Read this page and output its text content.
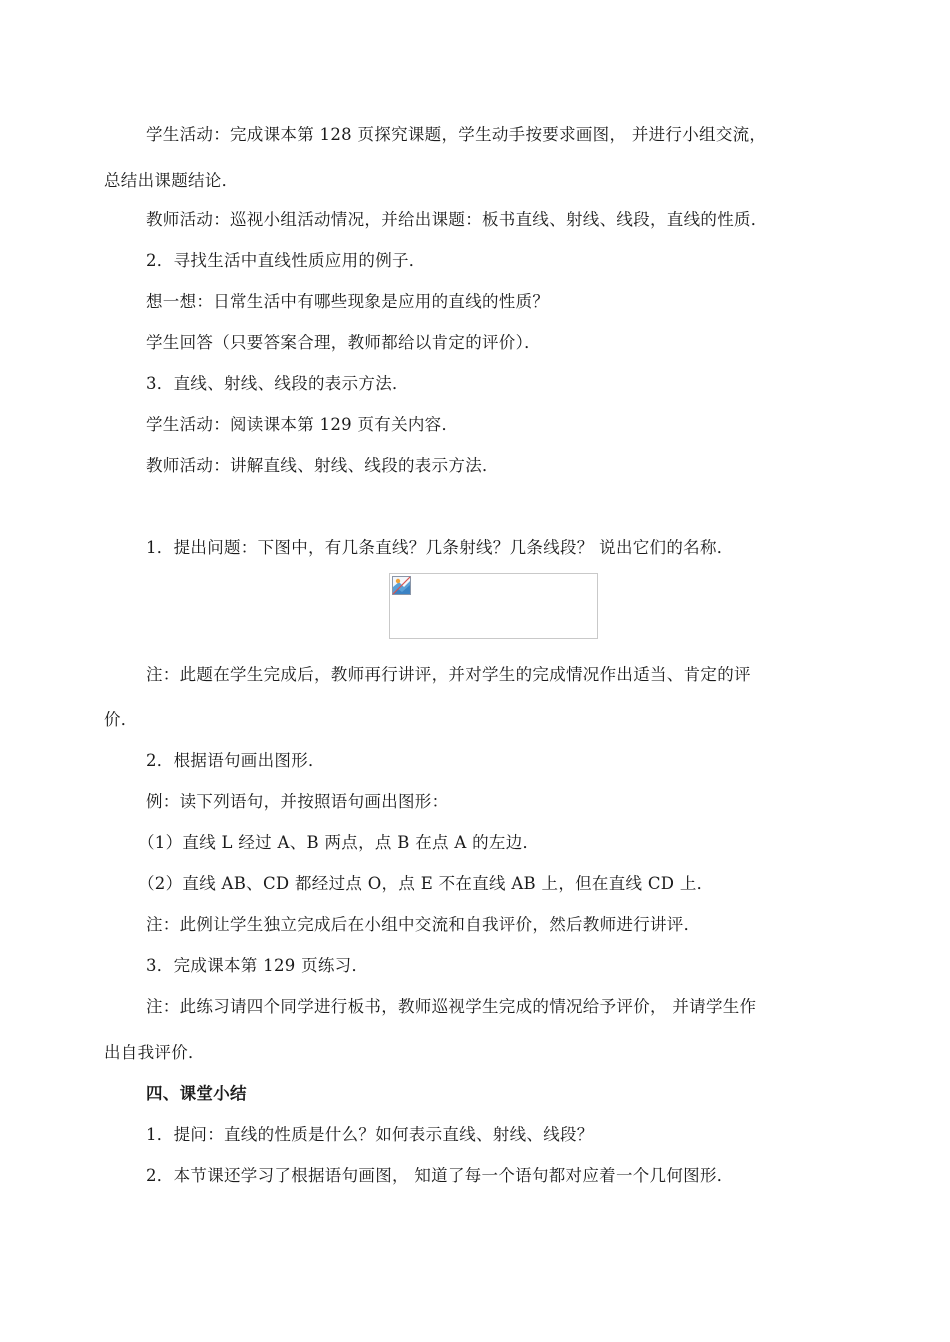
学生活动：完成课本第 128 页探究课题，学生动手按要求画图， 并进行小组交流，
总结出课题结论．
教师活动：巡视小组活动情况，并给出课题：板书直线、射线、线段，直线的性质．
2．寻找生活中直线性质应用的例子．
想一想：日常生活中有哪些现象是应用的直线的性质？
学生回答（只要答案合理，教师都给以肯定的评价）．
3．直线、射线、线段的表示方法．
学生活动：阅读课本第 129 页有关内容．
教师活动：讲解直线、射线、线段的表示方法．
1．提出问题：下图中，有几条直线？几条射线？几条线段？ 说出它们的名称．
注：此题在学生完成后，教师再行讲评，并对学生的完成情况作出适当、肯定的评
价．
2．根据语句画出图形．
例：读下列语句，并按照语句画出图形：
（1）直线 L 经过 A、B 两点，点 B 在点 A 的左边．
（2）直线 AB、CD 都经过点 O，点 E 不在直线 AB 上，但在直线 CD 上．
注：此例让学生独立完成后在小组中交流和自我评价，然后教师进行讲评．
3．完成课本第 129 页练习．
注：此练习请四个同学进行板书，教师巡视学生完成的情况给予评价， 并请学生作
出自我评价．
四、课堂小结
1．提问：直线的性质是什么？如何表示直线、射线、线段？
2．本节课还学习了根据语句画图， 知道了每一个语句都对应着一个几何图形．
